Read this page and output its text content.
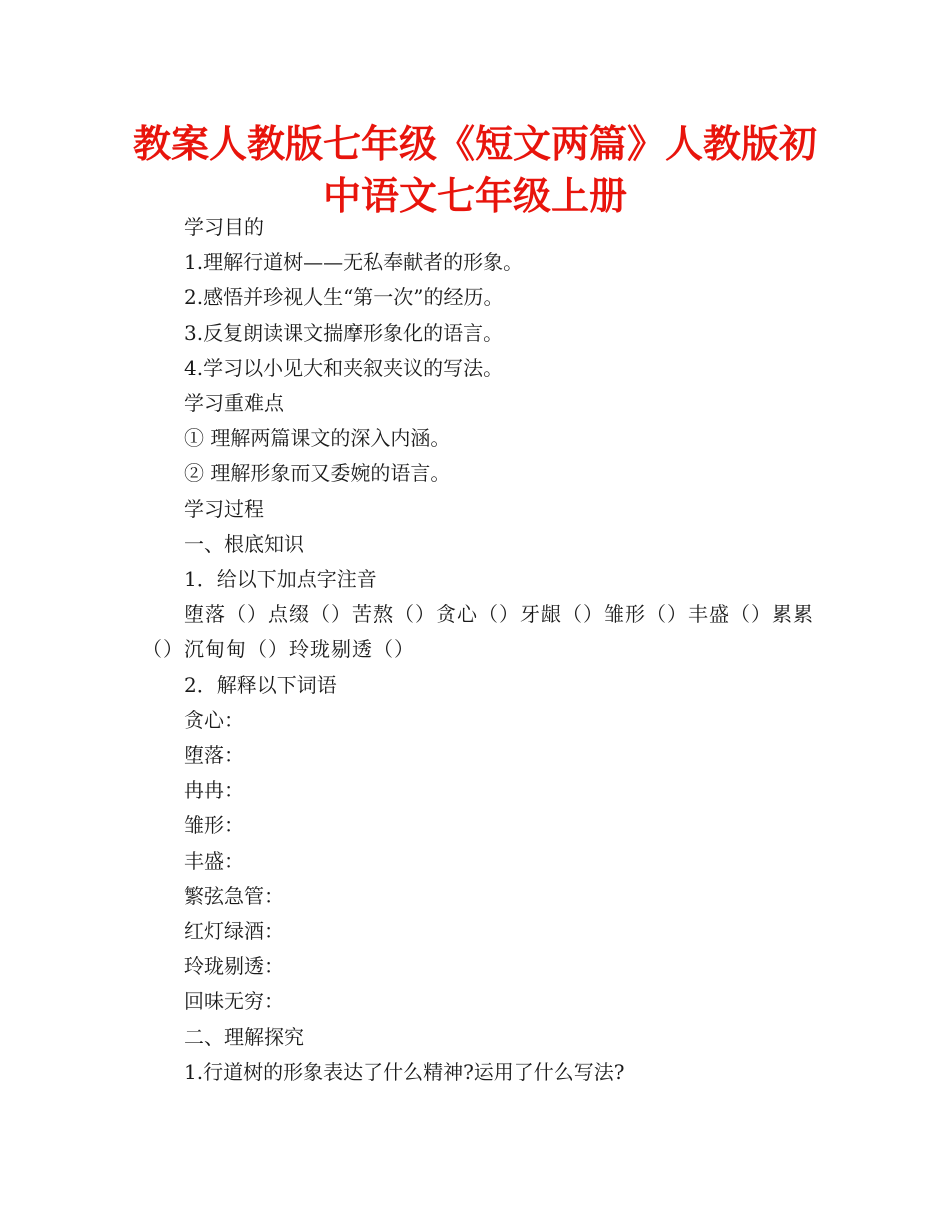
教案人教版七年级《短文两篇》人教版初中语文七年级上册

学习目的

1.理解行道树——无私奉献者的形象。

2.感悟并珍视人生“第一次”的经历。

3.反复朗读课文揣摩形象化的语言。

4.学习以小见大和夹叙夹议的写法。

学习重难点

① 理解两篇课文的深入内涵。

② 理解形象而又委婉的语言。

学习过程

一、根底知识

1．给以下加点字注音

堕落（）点缀（）苦熬（）贪心（）牙龈（）雏形（）丰盛（）累累（）沉甸甸（）玲珑剔透（）

2．解释以下词语

贪心：

堕落：

冉冉：

雏形：

丰盛：

繁弦急管：

红灯绿酒：

玲珑剔透：

回味无穷：

二、理解探究

1.行道树的形象表达了什么精神?运用了什么写法?
